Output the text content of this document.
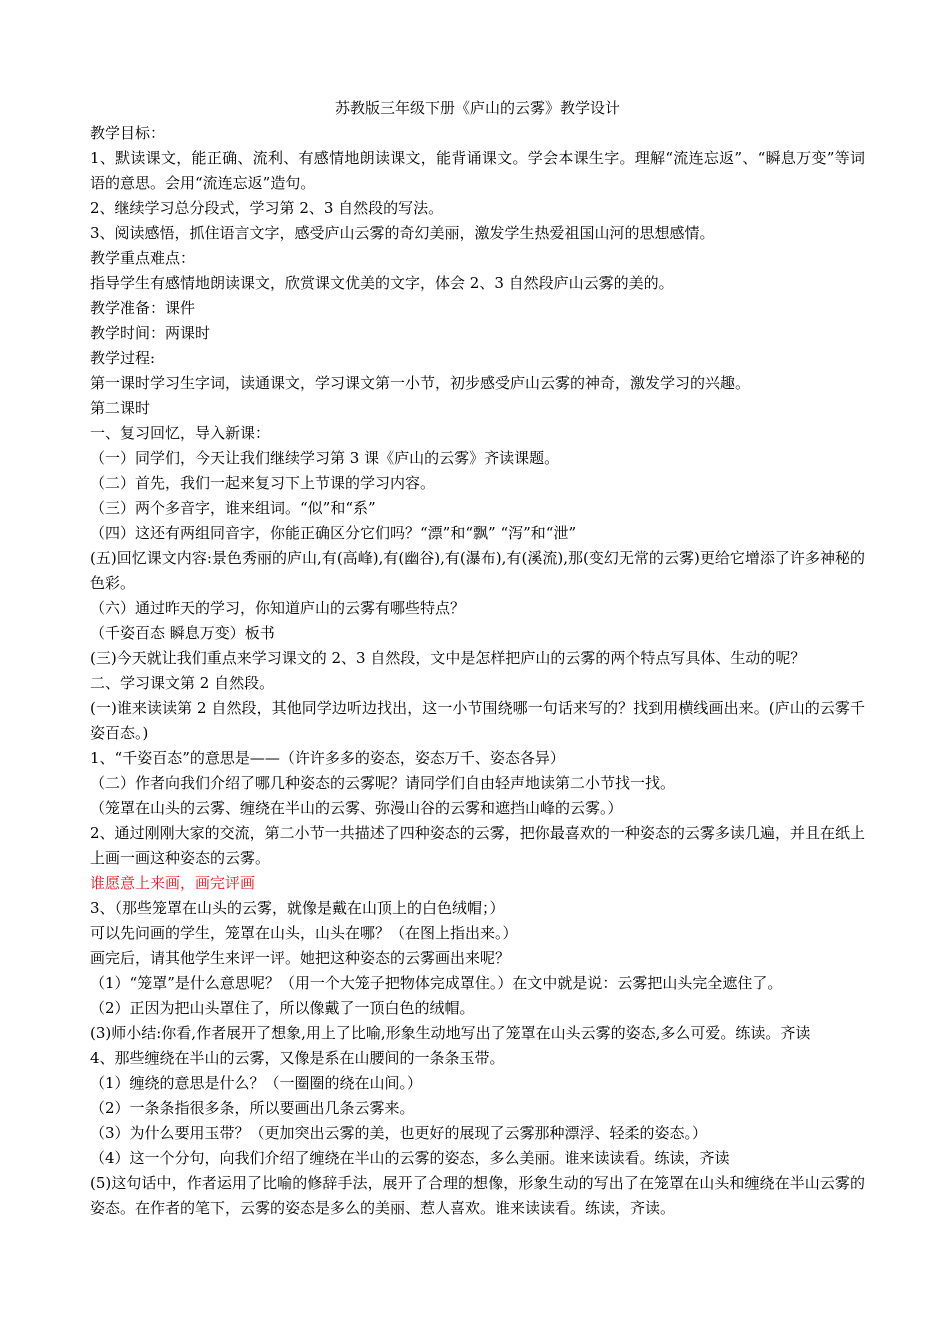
苏教版三年级下册《庐山的云雾》教学设计

教学目标：

1、默读课文，能正确、流利、有感情地朗读课文，能背诵课文。学会本课生字。理解“流连忘返”、“瞬息万变”等词语的意思。会用“流连忘返”造句。

2、继续学习总分段式，学习第 2、3 自然段的写法。

3、阅读感悟，抓住语言文字，感受庐山云雾的奇幻美丽，激发学生热爱祖国山河的思想感情。

教学重点难点：

指导学生有感情地朗读课文，欣赏课文优美的文字，体会 2、3 自然段庐山云雾的美的。

教学准备：课件

教学时间：两课时

教学过程:

第一课时学习生字词，读通课文，学习课文第一小节，初步感受庐山云雾的神奇，激发学习的兴趣。

第二课时

一、复习回忆，导入新课：

（一）同学们，今天让我们继续学习第 3 课《庐山的云雾》齐读课题。

（二）首先，我们一起来复习下上节课的学习内容。

（三）两个多音字，谁来组词。“似”和“系”

（四）这还有两组同音字，你能正确区分它们吗？“漂”和“飘” “泻”和“泄”

(五)回忆课文内容:景色秀丽的庐山,有(高峰),有(幽谷),有(瀑布),有(溪流),那(变幻无常的云雾)更给它增添了许多神秘的色彩。

（六）通过昨天的学习，你知道庐山的云雾有哪些特点？

（千姿百态 瞬息万变）板书

(三)今天就让我们重点来学习课文的 2、3 自然段，文中是怎样把庐山的云雾的两个特点写具体、生动的呢？

二、学习课文第 2 自然段。

(一)谁来读读第 2 自然段，其他同学边听边找出，这一小节围绕哪一句话来写的？找到用横线画出来。(庐山的云雾千姿百态。)

1、“千姿百态”的意思是——（许许多多的姿态，姿态万千、姿态各异）

（二）作者向我们介绍了哪几种姿态的云雾呢？请同学们自由轻声地读第二小节找一找。

（笼罩在山头的云雾、缠绕在半山的云雾、弥漫山谷的云雾和遮挡山峰的云雾。）

2、通过刚刚大家的交流，第二小节一共描述了四种姿态的云雾，把你最喜欢的一种姿态的云雾多读几遍，并且在纸上上画一画这种姿态的云雾。

谁愿意上来画，画完评画

3、（那些笼罩在山头的云雾，就像是戴在山顶上的白色绒帽；）

可以先问画的学生，笼罩在山头，山头在哪？（在图上指出来。）

画完后，请其他学生来评一评。她把这种姿态的云雾画出来呢？

（1）“笼罩”是什么意思呢？（用一个大笼子把物体完成罩住。）在文中就是说：云雾把山头完全遮住了。

（2）正因为把山头罩住了，所以像戴了一顶白色的绒帽。

(3)师小结:你看,作者展开了想象,用上了比喻,形象生动地写出了笼罩在山头云雾的姿态,多么可爱。练读。齐读

4、那些缠绕在半山的云雾，又像是系在山腰间的一条条玉带。

（1）缠绕的意思是什么？（一圈圈的绕在山间。）

（2）一条条指很多条，所以要画出几条云雾来。

（3）为什么要用玉带？（更加突出云雾的美，也更好的展现了云雾那种漂浮、轻柔的姿态。）

（4）这一个分句，向我们介绍了缠绕在半山的云雾的姿态，多么美丽。谁来读读看。练读，齐读

(5)这句话中，作者运用了比喻的修辞手法，展开了合理的想像，形象生动的写出了在笼罩在山头和缠绕在半山云雾的姿态。在作者的笔下，云雾的姿态是多么的美丽、惹人喜欢。谁来读读看。练读，齐读。
